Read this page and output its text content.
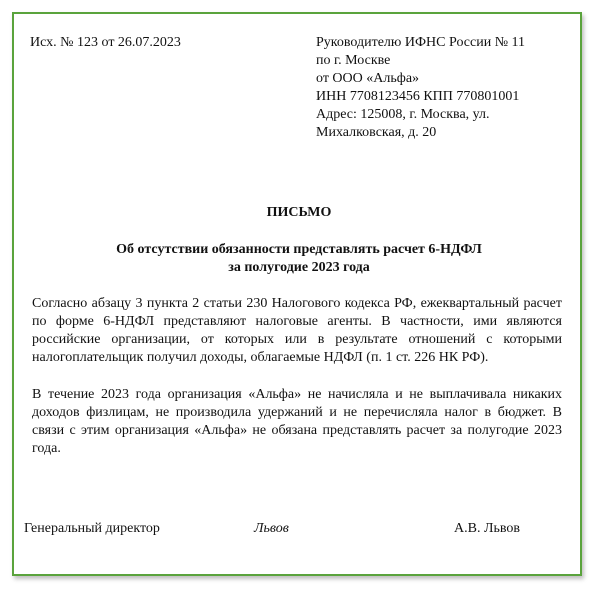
Исх. № 123 от 26.07.2023	Руководителю ИФНС России № 11
по г. Москве
от ООО «Альфа»
ИНН 7708123456 КПП 770801001
Адрес: 125008, г. Москва, ул.
Михалковская, д. 20
ПИСЬМО
Об отсутствии обязанности представлять расчет 6-НДФЛ
за полугодие 2023 года
Согласно абзацу 3 пункта 2 статьи 230 Налогового кодекса РФ, ежеквартальный расчет по форме 6-НДФЛ представляют налоговые агенты. В частности, ими являются российские организации, от которых или в результате отношений с которыми налогоплательщик получил доходы, облагаемые НДФЛ (п. 1 ст. 226 НК РФ).
В течение 2023 года организация «Альфа» не начисляла и не выплачивала никаких доходов физлицам, не производила удержаний и не перечисляла налог в бюджет. В связи с этим организация «Альфа» не обязана представлять расчет за полугодие 2023 года.
Генеральный директор	Львов	А.В. Львов
